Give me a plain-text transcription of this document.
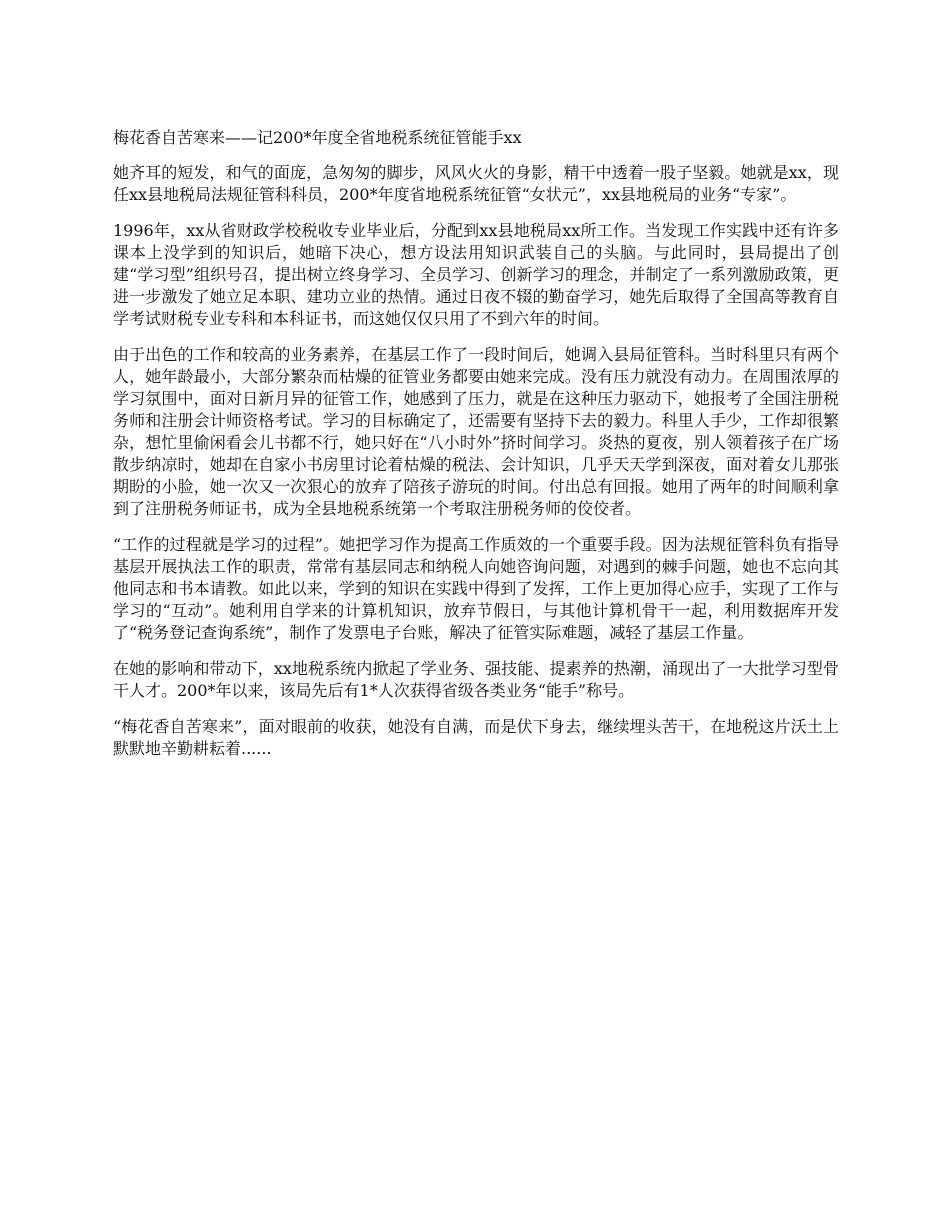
梅花香自苦寒来——记200*年度全省地税系统征管能手xx

她齐耳的短发，和气的面庞，急匆匆的脚步，风风火火的身影，精干中透着一股子坚毅。她就是xx，现任xx县地税局法规征管科科员，200*年度省地税系统征管“女状元”，xx县地税局的业务“专家”。

1996年，xx从省财政学校税收专业毕业后，分配到xx县地税局xx所工作。当发现工作实践中还有许多课本上没学到的知识后，她暗下决心，想方设法用知识武装自己的头脑。与此同时，县局提出了创建“学习型”组织号召，提出树立终身学习、全员学习、创新学习的理念，并制定了一系列激励政策，更进一步激发了她立足本职、建功立业的热情。通过日夜不辍的勤奋学习，她先后取得了全国高等教育自学考试财税专业专科和本科证书，而这她仅仅只用了不到六年的时间。

由于出色的工作和较高的业务素养，在基层工作了一段时间后，她调入县局征管科。当时科里只有两个人，她年龄最小，大部分繁杂而枯燥的征管业务都要由她来完成。没有压力就没有动力。在周围浓厚的学习氛围中，面对日新月异的征管工作，她感到了压力，就是在这种压力驱动下，她报考了全国注册税务师和注册会计师资格考试。学习的目标确定了，还需要有坚持下去的毅力。科里人手少，工作却很繁杂，想忙里偷闲看会儿书都不行，她只好在“八小时外”挤时间学习。炎热的夏夜，别人领着孩子在广场散步纳凉时，她却在自家小书房里讨论着枯燥的税法、会计知识，几乎天天学到深夜，面对着女儿那张期盼的小脸，她一次又一次狠心的放弃了陪孩子游玩的时间。付出总有回报。她用了两年的时间顺利拿到了注册税务师证书，成为全县地税系统第一个考取注册税务师的佼佼者。

“工作的过程就是学习的过程”。她把学习作为提高工作质效的一个重要手段。因为法规征管科负有指导基层开展执法工作的职责，常常有基层同志和纳税人向她咨询问题，对遇到的棘手问题，她也不忘向其他同志和书本请教。如此以来，学到的知识在实践中得到了发挥，工作上更加得心应手，实现了工作与学习的“互动”。她利用自学来的计算机知识，放弃节假日，与其他计算机骨干一起，利用数据库开发了“税务登记查询系统”，制作了发票电子台账，解决了征管实际难题，减轻了基层工作量。

在她的影响和带动下，xx地税系统内掀起了学业务、强技能、提素养的热潮，涌现出了一大批学习型骨干人才。200*年以来，该局先后有1*人次获得省级各类业务“能手”称号。

“梅花香自苦寒来”，面对眼前的收获，她没有自满，而是伏下身去，继续埋头苦干，在地税这片沃土上默默地辛勤耕耘着......
